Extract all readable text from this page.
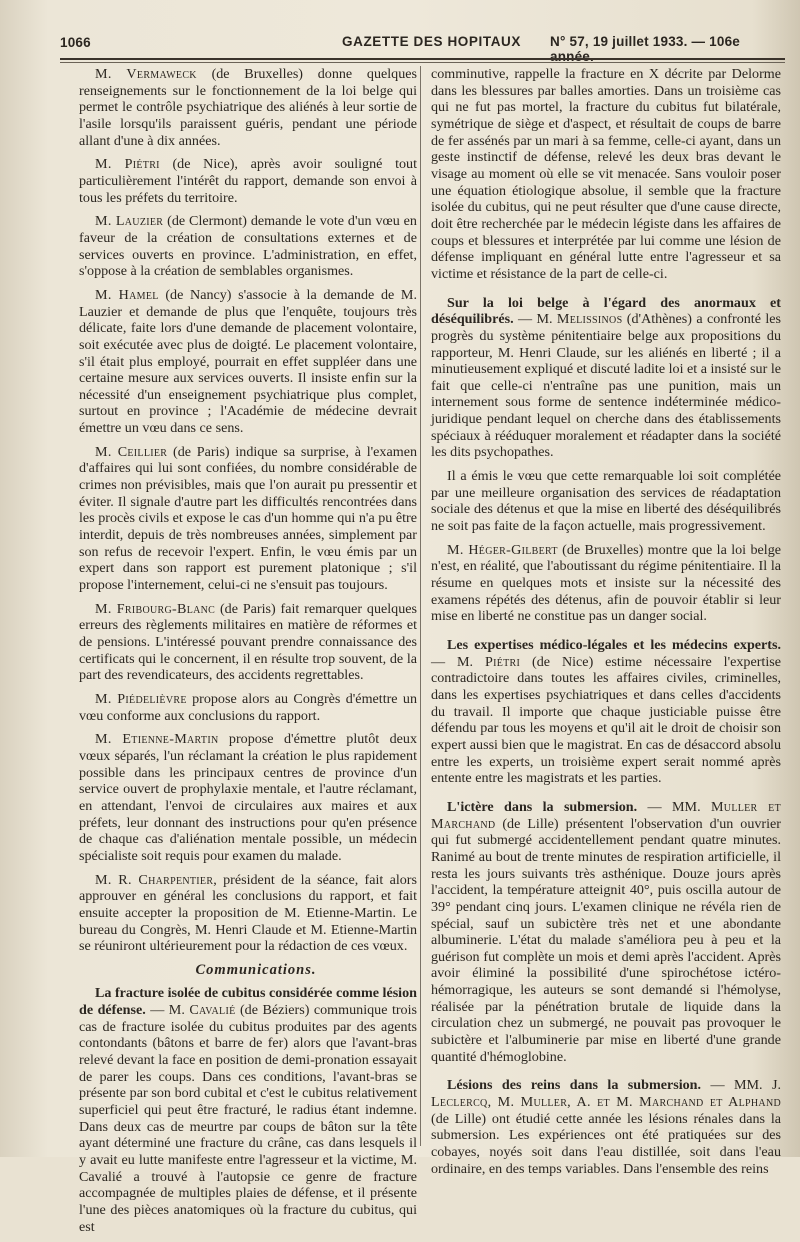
1066	GAZETTE DES HOPITAUX N° 57, 19 juillet 1933. — 106e année.

M. Vermaweck (de Bruxelles) donne quelques renseignements sur le fonctionnement de la loi belge qui permet le contrôle psychiatrique des aliénés à leur sortie de l'asile lorsqu'ils paraissent guéris, pendant une période allant d'une à dix années.

M. Piétri (de Nice), après avoir souligné tout particulièrement l'intérêt du rapport, demande son envoi à tous les préfets du territoire.

M. Lauzier (de Clermont) demande le vote d'un vœu en faveur de la création de consultations externes et de services ouverts en province. L'administration, en effet, s'oppose à la création de semblables organismes.

M. Hamel (de Nancy) s'associe à la demande de M. Lauzier et demande de plus que l'enquête, toujours très délicate, faite lors d'une demande de placement volontaire, soit exécutée avec plus de doigté. Le placement volontaire, s'il était plus employé, pourrait en effet suppléer dans une certaine mesure aux services ouverts. Il insiste enfin sur la nécessité d'un enseignement psychiatrique plus complet, surtout en province ; l'Académie de médecine devrait émettre un vœu dans ce sens.

M. Ceillier (de Paris) indique sa surprise, à l'examen d'affaires qui lui sont confiées, du nombre considérable de crimes non prévisibles, mais que l'on aurait pu pressentir et éviter. Il signale d'autre part les difficultés rencontrées dans les procès civils et expose le cas d'un homme qui n'a pu être interdit, depuis de très nombreuses années, simplement par son refus de recevoir l'expert. Enfin, le vœu émis par un expert dans son rapport est purement platonique ; s'il propose l'internement, celui-ci ne s'ensuit pas toujours.

M. Fribourg-Blanc (de Paris) fait remarquer quelques erreurs des règlements militaires en matière de réformes et de pensions. L'intéressé pouvant prendre connaissance des certificats qui le concernent, il en résulte trop souvent, de la part des revendicateurs, des accidents regrettables.

M. Piédelièvre propose alors au Congrès d'émettre un vœu conforme aux conclusions du rapport.

M. Etienne-Martin propose d'émettre plutôt deux vœux séparés, l'un réclamant la création le plus rapidement possible dans les principaux centres de province d'un service ouvert de prophylaxie mentale, et l'autre réclamant, en attendant, l'envoi de circulaires aux maires et aux préfets, leur donnant des instructions pour qu'en présence de chaque cas d'aliénation mentale possible, un médecin spécialiste soit requis pour examen du malade.

M. R. Charpentier, président de la séance, fait alors approuver en général les conclusions du rapport, et fait ensuite accepter la proposition de M. Etienne-Martin. Le bureau du Congrès, M. Henri Claude et M. Etienne-Martin se réuniront ultérieurement pour la rédaction de ces vœux.

Communications.

La fracture isolée de cubitus considérée comme lésion de défense. — M. Cavalié (de Béziers) communique trois cas de fracture isolée du cubitus produites par des agents contondants (bâtons et barre de fer) alors que l'avant-bras relevé devant la face en position de demi-pronation essayait de parer les coups. Dans ces conditions, l'avant-bras se présente par son bord cubital et c'est le cubitus relativement superficiel qui peut être fracturé, le radius étant indemne. Dans deux cas de meurtre par coups de bâton sur la tête ayant déterminé une fracture du crâne, cas dans lesquels il y avait eu lutte manifeste entre l'agresseur et la victime, M. Cavalié a trouvé à l'autopsie ce genre de fracture accompagnée de multiples plaies de défense, et il présente l'une des pièces anatomiques où la fracture du cubitus, qui est

comminutive, rappelle la fracture en X décrite par Delorme dans les blessures par balles amorties. Dans un troisième cas qui ne fut pas mortel, la fracture du cubitus fut bilatérale, symétrique de siège et d'aspect, et résultait de coups de barre de fer assénés par un mari à sa femme, celle-ci ayant, dans un geste instinctif de défense, relevé les deux bras devant le visage au moment où elle se vit menacée. Sans vouloir poser une équation étiologique absolue, il semble que la fracture isolée du cubitus, qui ne peut résulter que d'une cause directe, doit être recherchée par le médecin légiste dans les affaires de coups et blessures et interprétée par lui comme une lésion de défense impliquant en général lutte entre l'agresseur et sa victime et résistance de la part de celle-ci.

Sur la loi belge à l'égard des anormaux et déséquilibrés. — M. Melissinos (d'Athènes) a confronté les progrès du système pénitentiaire belge aux propositions du rapporteur, M. Henri Claude, sur les aliénés en liberté ; il a minutieusement expliqué et discuté ladite loi et a insisté sur le fait que celle-ci n'entraîne pas une punition, mais un internement sous forme de sentence indéterminée médico-juridique pendant lequel on cherche dans des établissements spéciaux à rééduquer moralement et réadapter dans la société les dits psychopathes.

Il a émis le vœu que cette remarquable loi soit complétée par une meilleure organisation des services de réadaptation sociale des détenus et que la mise en liberté des déséquilibrés ne soit pas faite de la façon actuelle, mais progressivement.

M. Héger-Gilbert (de Bruxelles) montre que la loi belge n'est, en réalité, que l'aboutissant du régime pénitentiaire. Il la résume en quelques mots et insiste sur la nécessité des examens répétés des détenus, afin de pouvoir établir si leur mise en liberté ne constitue pas un danger social.

Les expertises médico-légales et les médecins experts. — M. Piétri (de Nice) estime nécessaire l'expertise contradictoire dans toutes les affaires civiles, criminelles, dans les expertises psychiatriques et dans celles d'accidents du travail. Il importe que chaque justiciable puisse être défendu par tous les moyens et qu'il ait le droit de choisir son expert aussi bien que le magistrat. En cas de désaccord absolu entre les experts, un troisième expert serait nommé après entente entre les magistrats et les parties.

L'ictère dans la submersion. — MM. Muller et Marchand (de Lille) présentent l'observation d'un ouvrier qui fut submergé accidentellement pendant quatre minutes. Ranimé au bout de trente minutes de respiration artificielle, il resta les jours suivants très asthénique. Douze jours après l'accident, la température atteignit 40°, puis oscilla autour de 39° pendant cinq jours. L'examen clinique ne révéla rien de spécial, sauf un subictère très net et une abondante albuminerie. L'état du malade s'améliora peu à peu et la guérison fut complète un mois et demi après l'accident. Après avoir éliminé la possibilité d'une spirochétose ictéro-hémorragique, les auteurs se sont demandé si l'hémolyse, réalisée par la pénétration brutale de liquide dans la circulation chez un submergé, ne pouvait pas provoquer le subictère et l'albuminerie par mise en liberté d'une grande quantité d'hémoglobine.

Lésions des reins dans la submersion. — MM. J. Leclercq, M. Muller, A. et M. Marchand et Alphand (de Lille) ont étudié cette année les lésions rénales dans la submersion. Les expériences ont été pratiquées sur des cobayes, noyés soit dans l'eau distillée, soit dans l'eau ordinaire, en des temps variables. Dans l'ensemble des reins
